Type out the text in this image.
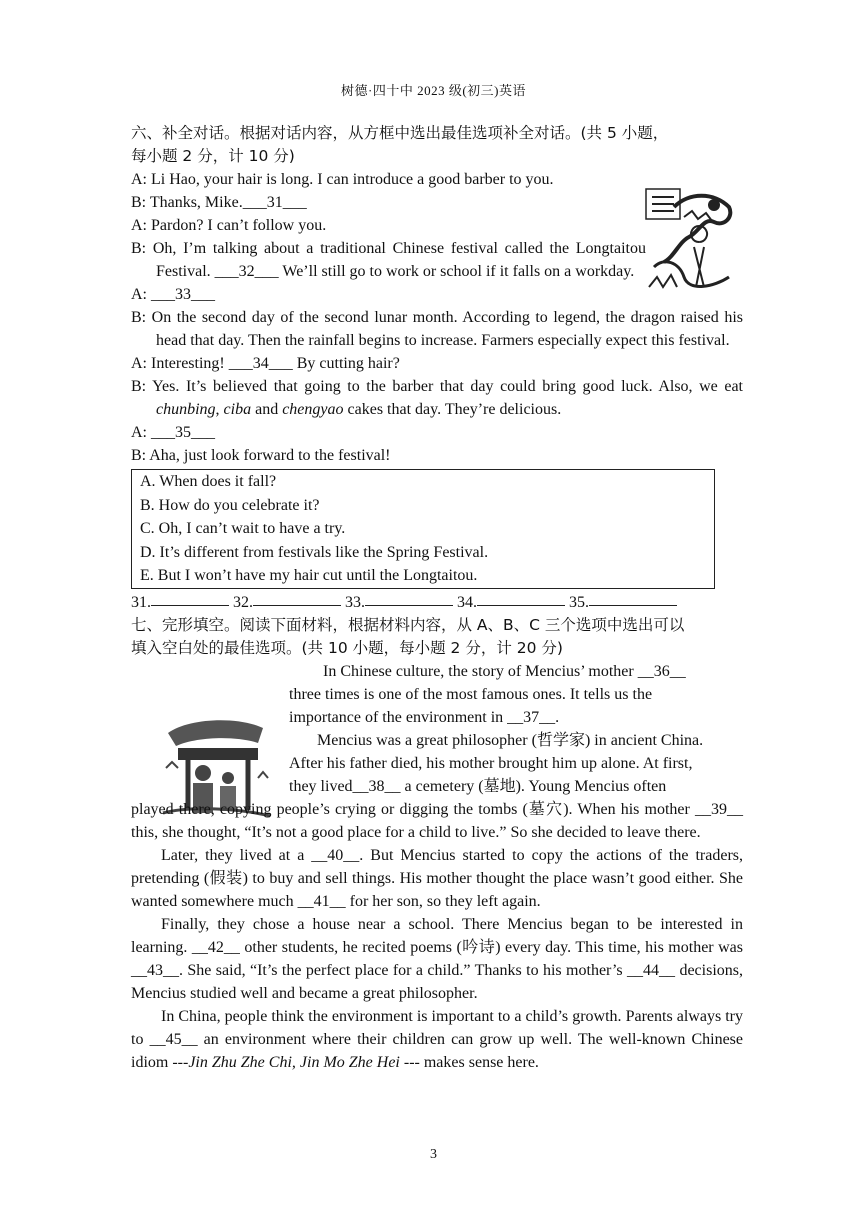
树德·四十中 2023 级(初三)英语
六、补全对话。根据对话内容，从方框中选出最佳选项补全对话。(共 5 小题，
每小题 2 分，计 10 分)
A: Li Hao, your hair is long. I can introduce a good barber to you.
B: Thanks, Mike.___31___
A: Pardon? I can’t follow you.
B: Oh, I’m talking about a traditional Chinese festival called the Longtaitou Festival. ___32___ We’ll still go to work or school if it falls on a workday.
A: ___33___
B: On the second day of the second lunar month. According to legend, the dragon raised his head that day. Then the rainfall begins to increase. Farmers especially expect this festival.
A: Interesting! ___34___ By cutting hair?
B: Yes. It’s believed that going to the barber that day could bring good luck. Also, we eat chunbing, ciba and chengyao cakes that day. They’re delicious.
A: ___35___
B: Aha, just look forward to the festival!
A. When does it fall?
B. How do you celebrate it?
C. Oh, I can’t wait to have a try.
D. It’s different from festivals like the Spring Festival.
E. But I won’t have my hair cut until the Longtaitou.
31.	32.	33.	34.	35.
七、完形填空。阅读下面材料，根据材料内容，从 A、B、C 三个选项中选出可以
填入空白处的最佳选项。(共 10 小题，每小题 2 分，计 20 分)
In Chinese culture, the story of Mencius’ mother __36__
three times is one of the most famous ones. It tells us the
importance of the environment in __37__.
Mencius was a great philosopher (哲学家) in ancient China.
After his father died, his mother brought him up alone. At first,
they lived__38__ a cemetery (墓地). Young Mencius often
played there, copying people’s crying or digging the tombs (墓穴). When his mother __39__ this, she thought, “It’s not a good place for a child to live.” So she decided to leave there.
Later, they lived at a __40__. But Mencius started to copy the actions of the traders, pretending (假装) to buy and sell things. His mother thought the place wasn’t good either. She wanted somewhere much __41__ for her son, so they left again.
Finally, they chose a house near a school. There Mencius began to be interested in learning. __42__ other students, he recited poems (吟诗) every day. This time, his mother was __43__. She said, “It’s the perfect place for a child.” Thanks to his mother’s __44__ decisions, Mencius studied well and became a great philosopher.
In China, people think the environment is important to a child’s growth. Parents always try to __45__ an environment where their children can grow up well. The well-known Chinese idiom ---Jin Zhu Zhe Chi, Jin Mo Zhe Hei --- makes sense here.
3
